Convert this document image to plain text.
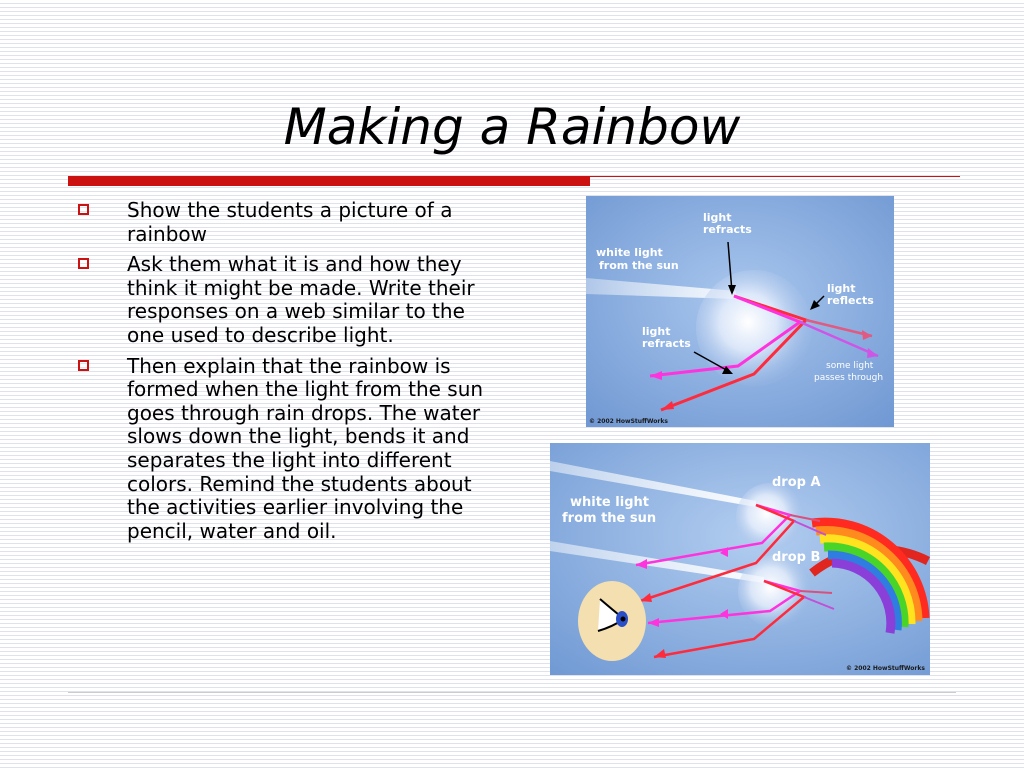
Making a Rainbow
Show the students a picture of a rainbow
Ask them what it is and how they think it might be made. Write their responses on a web similar to the one used to describe light.
Then explain that the rainbow is formed when the light from the sun goes through rain drops. The water slows down the light, bends it and separates the light into different colors. Remind the students about the activities earlier involving the pencil, water and oil.
light
refracts
white light
from the sun
light
reflects
light
refracts
some light
passes through
© 2002 HowStuffWorks
white light
from the sun
drop A
drop B
© 2002 HowStuffWorks
